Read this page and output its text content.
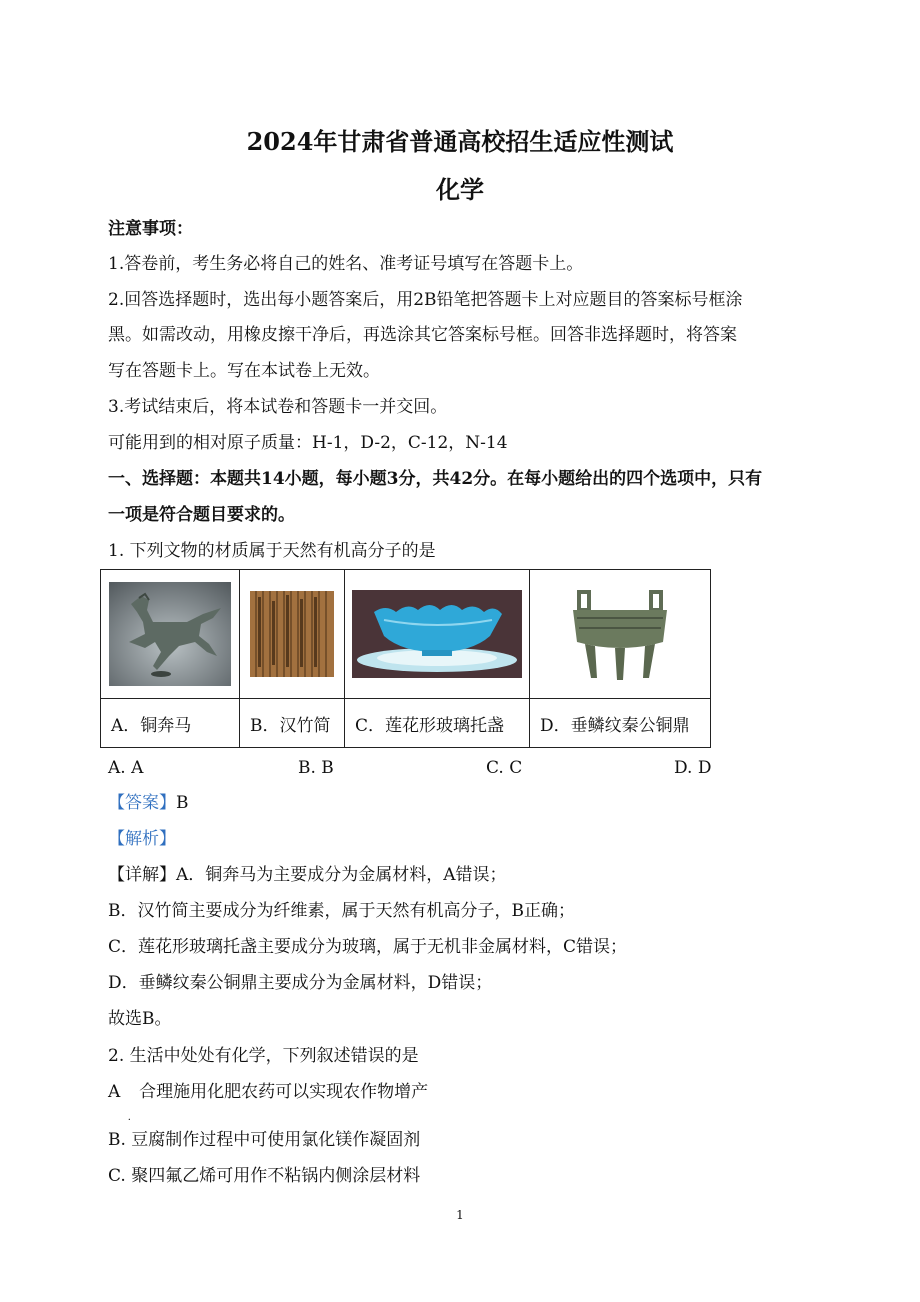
2024年甘肃省普通高校招生适应性测试
化学
注意事项：
1.答卷前，考生务必将自己的姓名、准考证号填写在答题卡上。
2.回答选择题时，选出每小题答案后，用2B铅笔把答题卡上对应题目的答案标号框涂
黑。如需改动，用橡皮擦干净后，再选涂其它答案标号框。回答非选择题时，将答案
写在答题卡上。写在本试卷上无效。
3.考试结束后，将本试卷和答题卡一并交回。
可能用到的相对原子质量：H-1，D-2，C-12，N-14
一、选择题：本题共14小题，每小题3分，共42分。在每小题给出的四个选项中，只有
一项是符合题目要求的。
1. 下列文物的材质属于天然有机高分子的是

A．铜奔马	B．汉竹简	C．莲花形玻璃托盏	D．垂鳞纹秦公铜鼎
A. A	B. B	C. C	D. D
【答案】B
【解析】
【详解】A．铜奔马为主要成分为金属材料，A错误；
B．汉竹简主要成分为纤维素，属于天然有机高分子，B正确；
C．莲花形玻璃托盏主要成分为玻璃，属于无机非金属材料，C错误；
D．垂鳞纹秦公铜鼎主要成分为金属材料，D错误；
故选B。
2. 生活中处处有化学，下列叙述错误的是
A
·
合理施用化肥农药可以实现农作物增产
B. 豆腐制作过程中可使用氯化镁作凝固剂
C. 聚四氟乙烯可用作不粘锅内侧涂层材料
1
